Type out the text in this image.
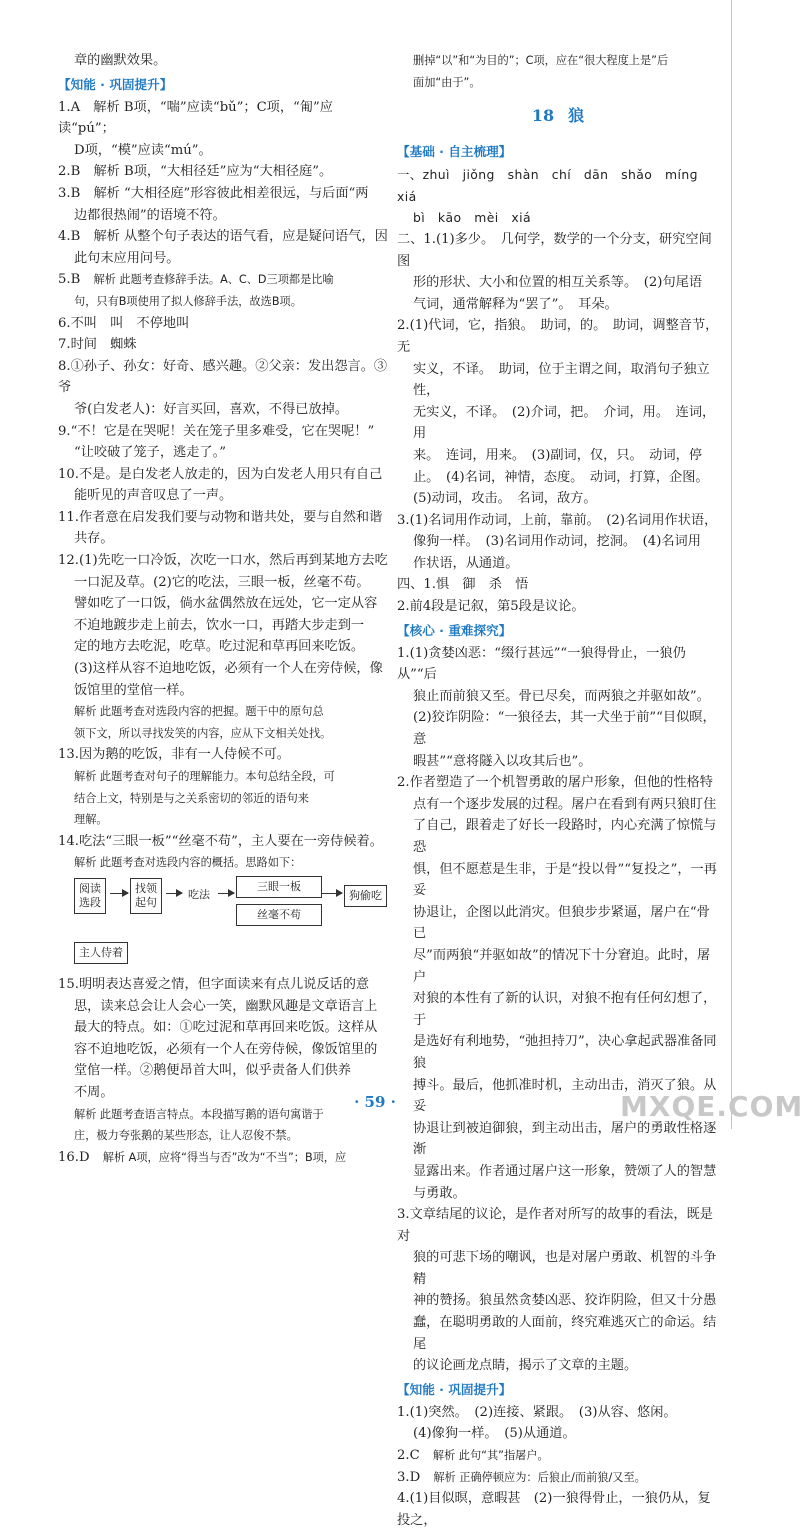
章的幽默效果。

【知能 · 巩固提升】

1.A　 解析 B项，“喘”应读“bǔ”；C项，“匍”应读“pú”；

D项，“模”应读“mú”。

2.B　 解析 B项，“大相径廷”应为“大相径庭”。

3.B　 解析 “大相径庭”形容彼此相差很远，与后面“两

边都很热闹”的语境不符。

4.B　 解析 从整个句子表达的语气看，应是疑问语气，因

此句末应用问号。

5.B　 解析 此题考查修辞手法。A、C、D三项都是比喻

句，只有B项使用了拟人修辞手法，故选B项。

6.不叫　叫　不停地叫

7.时间　蜘蛛

8.①孙子、孙女：好奇、感兴趣。②父亲：发出怨言。③爷

爷(白发老人)：好言买回，喜欢，不得已放掉。

9.“不！它是在哭呢！关在笼子里多难受，它在哭呢！”

“让咬破了笼子，逃走了。”

10.不是。是白发老人放走的，因为白发老人用只有自己

能听见的声音叹息了一声。

11.作者意在启发我们要与动物和谐共处，要与自然和谐

共存。

12.(1)先吃一口冷饭，次吃一口水，然后再到某地方去吃

一口泥及草。(2)它的吃法，三眼一板，丝毫不苟。

譬如吃了一口饭，倘水盆偶然放在远处，它一定从容

不迫地踱步走上前去，饮水一口，再踏大步走到一

定的地方去吃泥，吃草。吃过泥和草再回来吃饭。

(3)这样从容不迫地吃饭，必须有一个人在旁侍候，像

饭馆里的堂倌一样。

解析 此题考查对选段内容的把握。题干中的原句总

领下文，所以寻找发笑的内容，应从下文相关处找。

13.因为鹅的吃饭，非有一人侍候不可。

解析 此题考查对句子的理解能力。本句总结全段，可

结合上文，特别是与之关系密切的邻近的语句来

理解。

14.吃法“三眼一板”“丝毫不苟”，主人要在一旁侍候着。

解析 此题考查对选段内容的概括。思路如下：

阅读
选段
找领
起句
吃法
三眼一板
丝毫不苟
狗偷吃
主人侍着

15.明明表达喜爱之情，但字面读来有点儿说反话的意

思，读来总会让人会心一笑，幽默风趣是文章语言上

最大的特点。如：①吃过泥和草再回来吃饭。这样从

容不迫地吃饭，必须有一个人在旁侍候，像饭馆里的

堂倌一样。②鹅便昂首大叫，似乎责备人们供养

不周。

解析 此题考查语言特点。本段描写鹅的语句寓谐于

庄，极力夸张鹅的某些形态，让人忍俊不禁。

16.D　 解析 A项，应将“得当与否”改为“不当”；B项，应

删掉“以”和“为目的”；C项，应在“很大程度上是”后

面加“由于”。

18 狼
【基础 · 自主梳理】

一、zhuì　jiǒng　shàn　chí　dān　shǎo　mínɡ　xiá

bì　kāo　mèi　xiá

二、1.(1)多少。　几何学，数学的一个分支，研究空间图

形的形状、大小和位置的相互关系等。　(2)句尾语

气词，通常解释为“罢了”。　耳朵。

2.(1)代词，它，指狼。　助词，的。　助词，调整音节，无

实义，不译。　助词，位于主谓之间，取消句子独立性，

无实义，不译。　(2)介词，把。　介词，用。　连词，用

来。　连词，用来。　(3)副词，仅，只。　动词，停

止。　(4)名词，神情，态度。　动词，打算，企图。

(5)动词，攻击。　名词，敌方。

3.(1)名词用作动词，上前，靠前。　(2)名词用作状语，

像狗一样。　(3)名词用作动词，挖洞。　(4)名词用

作状语，从通道。

四、1.惧　御　杀　悟

2.前4段是记叙，第5段是议论。

【核心 · 重难探究】

1.(1)贪婪凶恶：“缀行甚远”“一狼得骨止，一狼仍从”“后

狼止而前狼又至。骨已尽矣，而两狼之并驱如故”。

(2)狡诈阴险：“一狼径去，其一犬坐于前”“目似暝，意

暇甚”“意将隧入以攻其后也”。

2.作者塑造了一个机智勇敢的屠户形象，但他的性格特

点有一个逐步发展的过程。屠户在看到有两只狼盯住

了自己，跟着走了好长一段路时，内心充满了惊慌与恐

惧，但不愿惹是生非，于是“投以骨”“复投之”，一再妥

协退让，企图以此消灾。但狼步步紧逼，屠户在“骨已

尽”而两狼“并驱如故”的情况下十分窘迫。此时，屠户

对狼的本性有了新的认识，对狼不抱有任何幻想了，于

是选好有利地势，“弛担持刀”，决心拿起武器准备同狼

搏斗。最后，他抓准时机，主动出击，消灭了狼。从妥

协退让到被迫御狼，到主动出击，屠户的勇敢性格逐渐

显露出来。作者通过屠户这一形象，赞颂了人的智慧

与勇敢。

3.文章结尾的议论，是作者对所写的故事的看法，既是对

狼的可悲下场的嘲讽，也是对屠户勇敢、机智的斗争精

神的赞扬。狼虽然贪婪凶恶、狡诈阴险，但又十分愚

蠢，在聪明勇敢的人面前，终究难逃灭亡的命运。结尾

的议论画龙点睛，揭示了文章的主题。

【知能 · 巩固提升】

1.(1)突然。　(2)连接、紧跟。　(3)从容、悠闲。

(4)像狗一样。　(5)从通道。

2.C　 解析 此句“其”指屠户。

3.D　 解析 正确停顿应为：后狼止/而前狼/又至。

4.(1)目似暝，意暇甚　(2)一狼得骨止，一狼仍从，复投之，

· 59 ·	MXQE.COM
